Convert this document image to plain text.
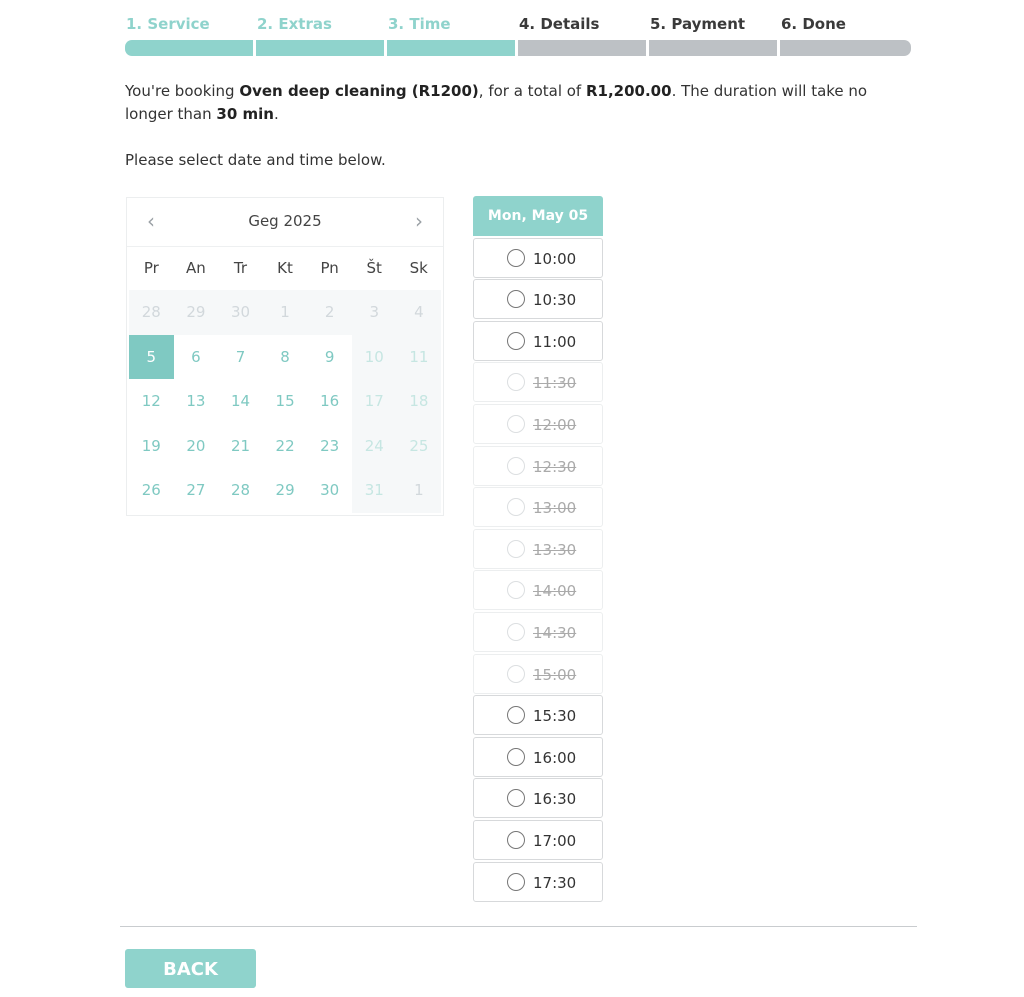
1. Service	2. Extras	3. Time	4. Details	5. Payment	6. Done
You're booking Oven deep cleaning (R1200), for a total of R1,200.00. The duration will take no longer than 30 min.
Please select date and time below.
‹	Geg 2025	›
Pr	An	Tr	Kt	Pn	Št	Sk
28	29	30	1	2	3	4
5	6	7	8	9	10	11
12	13	14	15	16	17	18
19	20	21	22	23	24	25
26	27	28	29	30	31	1
Mon, May 05
10:00
10:30
11:00
11:30
12:00
12:30
13:00
13:30
14:00
14:30
15:00
15:30
16:00
16:30
17:00
17:30
BACK
